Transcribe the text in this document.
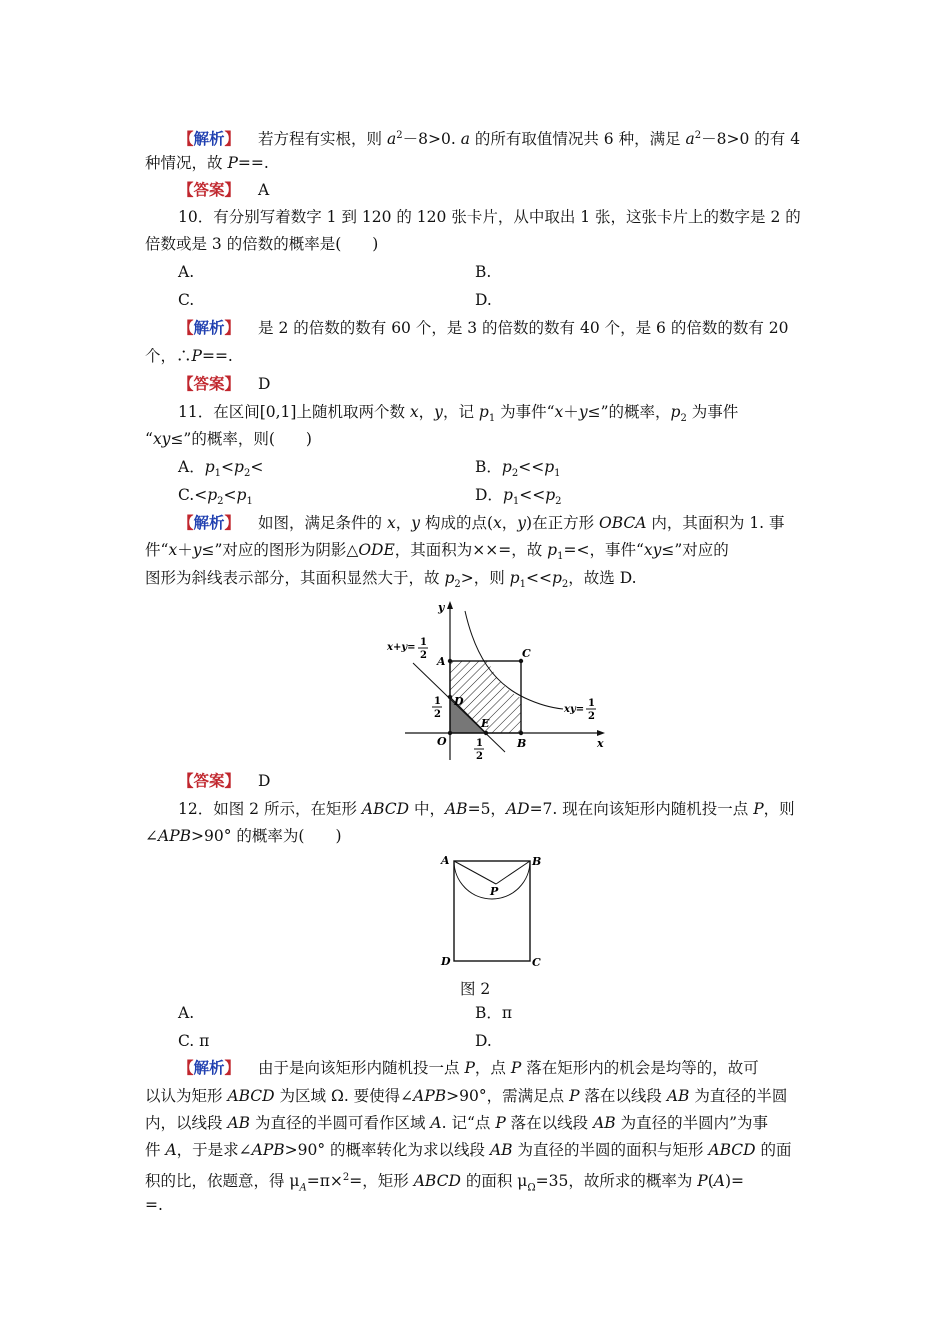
【解析】 若方程有实根，则 $a^2-8>0$. a 的所有取值情况共 6 种，满足 $a^2-8>0$ 的有 4
种情况，故 P==.
【答案】 A
10．有分别写着数字 1 到 120 的 120 张卡片，从中取出 1 张，这张卡片上的数字是 2 的
倍数或是 3 的倍数的概率是(　　)
A.	B.
C.	D.
【解析】 是 2 的倍数的数有 60 个，是 3 的倍数的数有 40 个，是 6 的倍数的数有 20
个，∴P==.
【答案】 D
11．在区间[0,1]上随机取两个数 x，y，记 $p_1$ 为事件“x＋y≤”的概率，$p_2$ 为事件
“xy≤”的概率，则(　　)
A．$p_1<p_2<$	B．$p_2<<p_1$
$C.<p_2<p_1$	D．$p_1<<p_2$
【解析】 如图，满足条件的 x，y 构成的点(x，y)在正方形 OBCA 内，其面积为 1. 事
件“x＋y≤”对应的图形为阴影△ODE，其面积为××=，故 $p_1=<$，事件“xy≤”对应的
图形为斜线表示部分，其面积显然大于，故 $p_2>$，则 $p_1<<p_2$，故选 D.
y
x
O
A
C
B
D
E
x+y= 1
2
1
2
1
2
xy=
1
2
【答案】 D
12．如图 2 所示，在矩形 ABCD 中，AB=5，AD=7. 现在向该矩形内随机投一点 P，则
∠APB>90° 的概率为(　　)
A	B
D	C
P
图 2
A.	B．π
C. π	D.
【解析】 由于是向该矩形内随机投一点 P，点 P 落在矩形内的机会是均等的，故可
以认为矩形 ABCD 为区域 Ω. 要使得∠APB>90°，需满足点 P 落在以线段 AB 为直径的半圆
内，以线段 AB 为直径的半圆可看作区域 A. 记“点 P 落在以线段 AB 为直径的半圆内”为事
件 A，于是求∠APB>90° 的概率转化为求以线段 AB 为直径的半圆的面积与矩形 ABCD 的面
积的比，依题意，得 $\mu_A=\pi\times^2=$，矩形 ABCD 的面积 $\mu_\Omega=35$，故所求的概率为 P(A)=
=.
